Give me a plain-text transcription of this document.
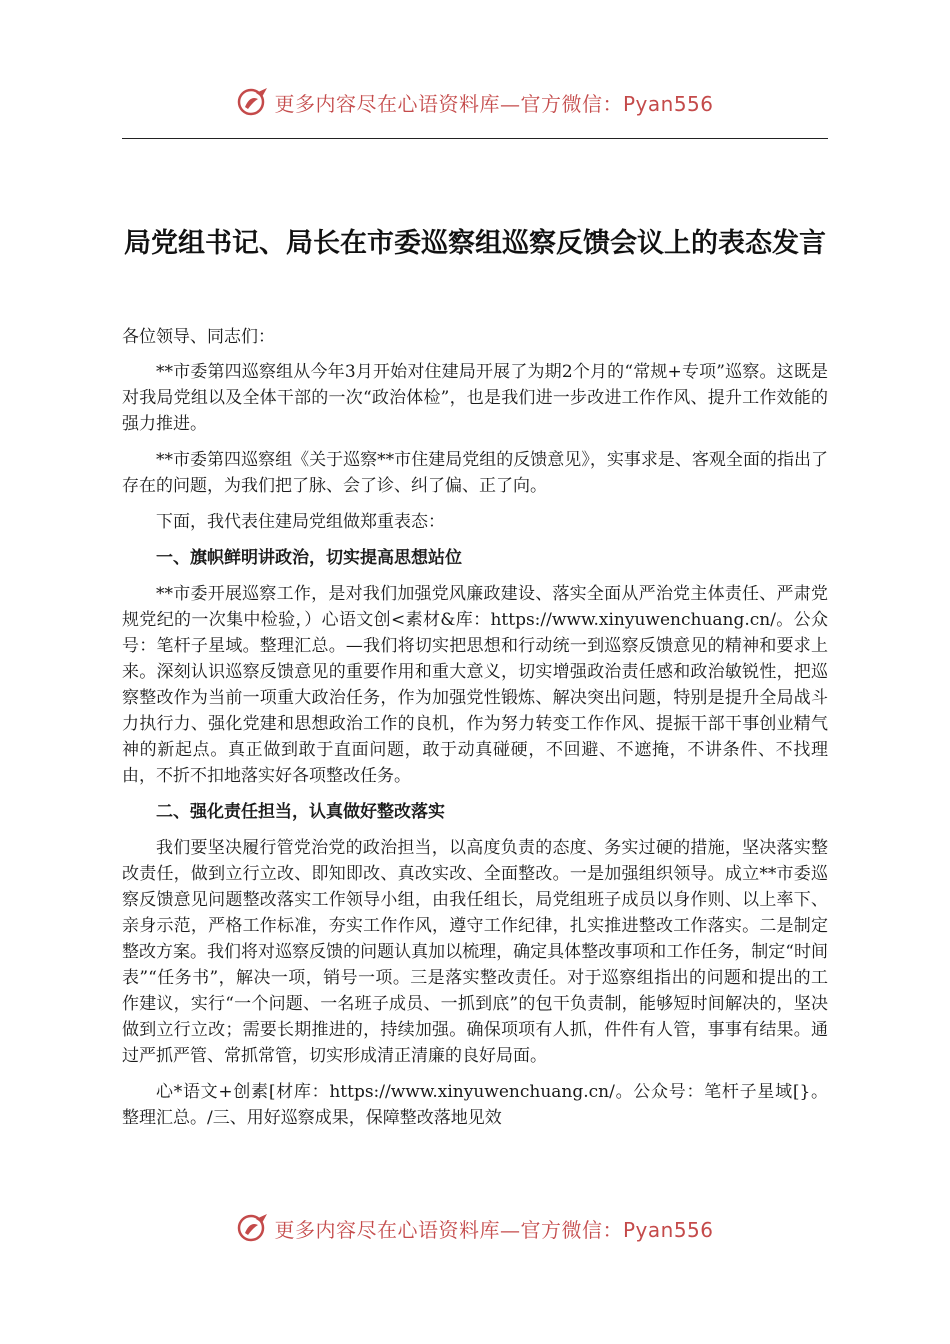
更多内容尽在心语资料库—官方微信：Pyan556
局党组书记、局长在市委巡察组巡察反馈会议上的表态发言

各位领导、同志们：

**市委第四巡察组从今年3月开始对住建局开展了为期2个月的“常规+专项”巡察。这既是对我局党组以及全体干部的一次“政治体检”，也是我们进一步改进工作作风、提升工作效能的强力推进。

**市委第四巡察组《关于巡察**市住建局党组的反馈意见》，实事求是、客观全面的指出了存在的问题，为我们把了脉、会了诊、纠了偏、正了向。

下面，我代表住建局党组做郑重表态：

一、旗帜鲜明讲政治，切实提高思想站位

**市委开展巡察工作，是对我们加强党风廉政建设、落实全面从严治党主体责任、严肃党规党纪的一次集中检验，）心语文创<素材&库：https://www.xinyuwenchuang.cn/。公众号：笔杆子星域。整理汇总。—我们将切实把思想和行动统一到巡察反馈意见的精神和要求上来。深刻认识巡察反馈意见的重要作用和重大意义，切实增强政治责任感和政治敏锐性，把巡察整改作为当前一项重大政治任务，作为加强党性锻炼、解决突出问题，特别是提升全局战斗力执行力、强化党建和思想政治工作的良机，作为努力转变工作作风、提振干部干事创业精气神的新起点。真正做到敢于直面问题，敢于动真碰硬，不回避、不遮掩，不讲条件、不找理由，不折不扣地落实好各项整改任务。

二、强化责任担当，认真做好整改落实

我们要坚决履行管党治党的政治担当，以高度负责的态度、务实过硬的措施，坚决落实整改责任，做到立行立改、即知即改、真改实改、全面整改。一是加强组织领导。成立**市委巡察反馈意见问题整改落实工作领导小组，由我任组长，局党组班子成员以身作则、以上率下、亲身示范，严格工作标准，夯实工作作风，遵守工作纪律，扎实推进整改工作落实。二是制定整改方案。我们将对巡察反馈的问题认真加以梳理，确定具体整改事项和工作任务，制定“时间表”“任务书”，解决一项，销号一项。三是落实整改责任。对于巡察组指出的问题和提出的工作建议，实行“一个问题、一名班子成员、一抓到底”的包干负责制，能够短时间解决的，坚决做到立行立改；需要长期推进的，持续加强。确保项项有人抓，件件有人管，事事有结果。通过严抓严管、常抓常管，切实形成清正清廉的良好局面。

心*语文+创素[材库：https://www.xinyuwenchuang.cn/。公众号：笔杆子星域[}。整理汇总。/三、用好巡察成果，保障整改落地见效

更多内容尽在心语资料库—官方微信：Pyan556
